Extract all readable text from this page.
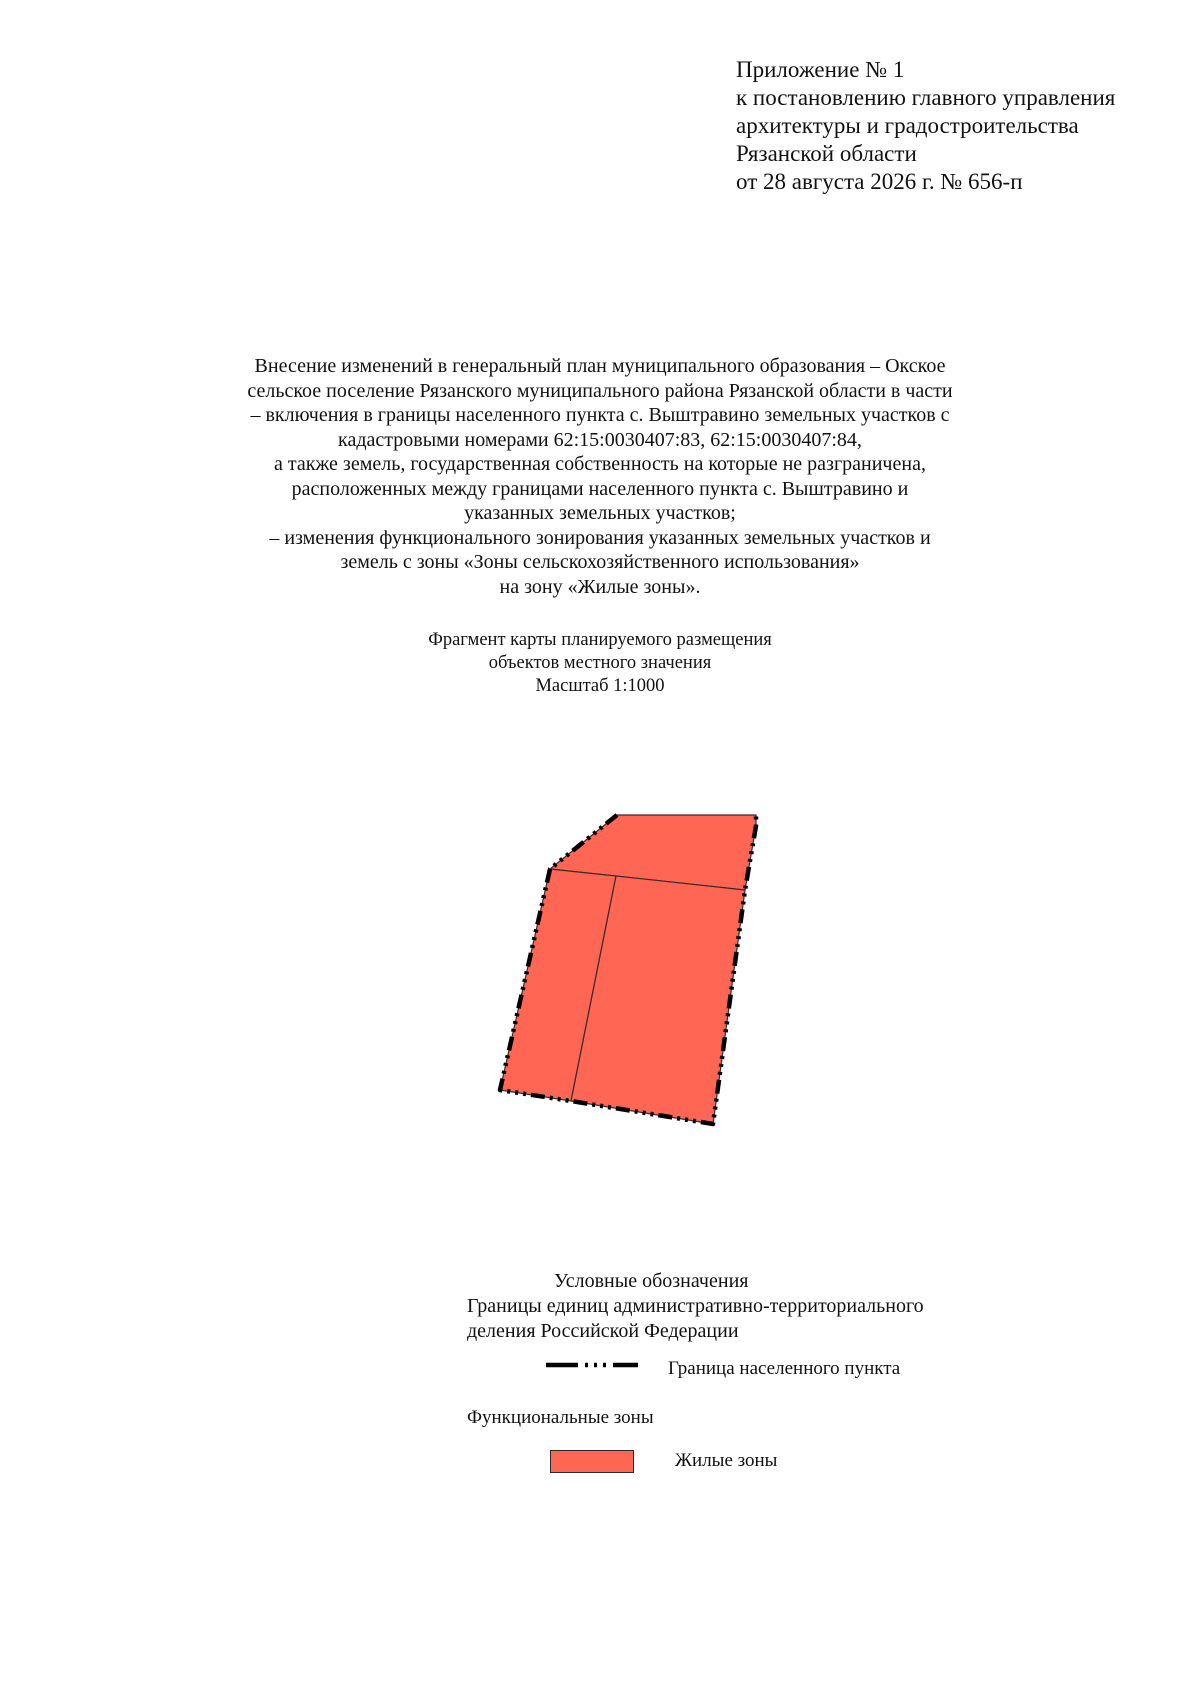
Приложение № 1
к постановлению главного управления
архитектуры и градостроительства
Рязанской области
от 28 августа 2026 г. № 656-п
Внесение изменений в генеральный план муниципального образования – Окское
сельское поселение Рязанского муниципального района Рязанской области в части
– включения в границы населенного пункта с. Выштравино земельных участков с
кадастровыми номерами 62:15:0030407:83, 62:15:0030407:84,
а также земель, государственная собственность на которые не разграничена,
расположенных между границами населенного пункта с. Выштравино и
указанных земельных участков;
– изменения функционального зонирования указанных земельных участков и
земель с зоны «Зоны сельскохозяйственного использования»
на зону «Жилые зоны».
Фрагмент карты планируемого размещения
объектов местного значения
Масштаб 1:1000
Условные обозначения
Границы единиц административно-территориального
деления Российской Федерации
Граница населенного пункта
Функциональные зоны
Жилые зоны
